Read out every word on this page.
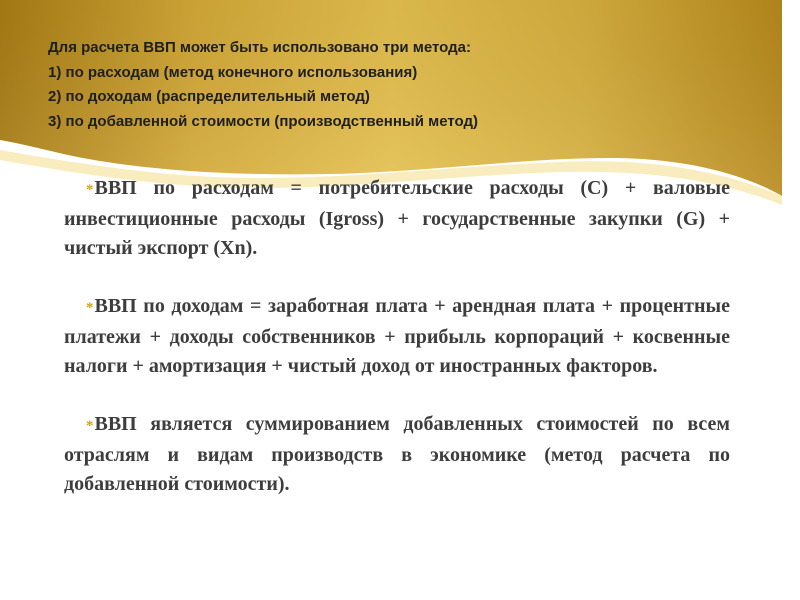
Для расчета ВВП может быть использовано три метода:
1) по расходам (метод конечного использования)
2) по доходам (распределительный метод)
3) по добавленной стоимости (производственный метод)

*ВВП по расходам = потребительские расходы (С) + валовые инвестиционные расходы (Igross) + государственные закупки (G) + чистый экспорт (Хn).

*ВВП по доходам = заработная плата + арендная плата + процентные платежи + доходы собственников + прибыль корпораций + косвенные налоги + амортизация + чистый доход от иностранных факторов.

*ВВП является суммированием добавленных стоимостей по всем отраслям и видам производств в экономике (метод расчета по добавленной стоимости).
